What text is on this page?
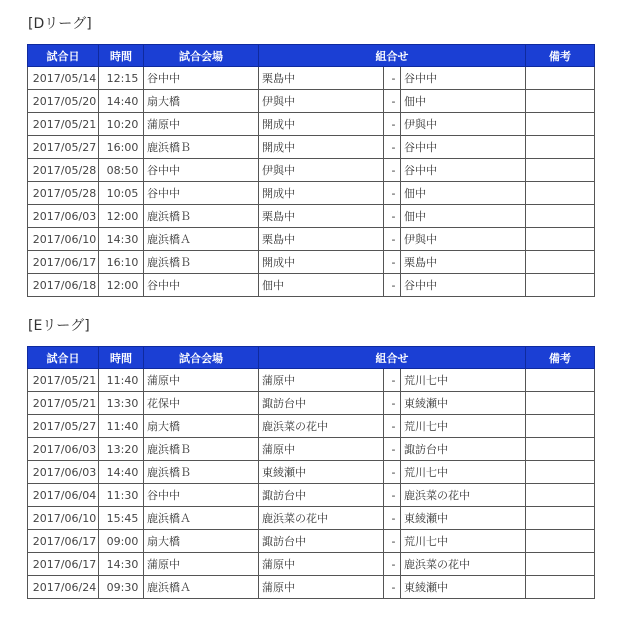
[Dリーグ]
試合日	時間	試合会場	組合せ			備考
2017/05/14	12:15	谷中中	栗島中	-	谷中中	
2017/05/20	14:40	扇大橋	伊與中	-	佃中	
2017/05/21	10:20	蒲原中	開成中	-	伊與中	
2017/05/27	16:00	鹿浜橋Ｂ	開成中	-	谷中中	
2017/05/28	08:50	谷中中	伊與中	-	谷中中	
2017/05/28	10:05	谷中中	開成中	-	佃中	
2017/06/03	12:00	鹿浜橋Ｂ	栗島中	-	佃中	
2017/06/10	14:30	鹿浜橋Ａ	栗島中	-	伊與中	
2017/06/17	16:10	鹿浜橋Ｂ	開成中	-	栗島中	
2017/06/18	12:00	谷中中	佃中	-	谷中中	
[Eリーグ]
試合日	時間	試合会場	組合せ			備考
2017/05/21	11:40	蒲原中	蒲原中	-	荒川七中	
2017/05/21	13:30	花保中	諏訪台中	-	東綾瀬中	
2017/05/27	11:40	扇大橋	鹿浜菜の花中	-	荒川七中	
2017/06/03	13:20	鹿浜橋Ｂ	蒲原中	-	諏訪台中	
2017/06/03	14:40	鹿浜橋Ｂ	東綾瀬中	-	荒川七中	
2017/06/04	11:30	谷中中	諏訪台中	-	鹿浜菜の花中	
2017/06/10	15:45	鹿浜橋Ａ	鹿浜菜の花中	-	東綾瀬中	
2017/06/17	09:00	扇大橋	諏訪台中	-	荒川七中	
2017/06/17	14:30	蒲原中	蒲原中	-	鹿浜菜の花中	
2017/06/24	09:30	鹿浜橋Ａ	蒲原中	-	東綾瀬中	
